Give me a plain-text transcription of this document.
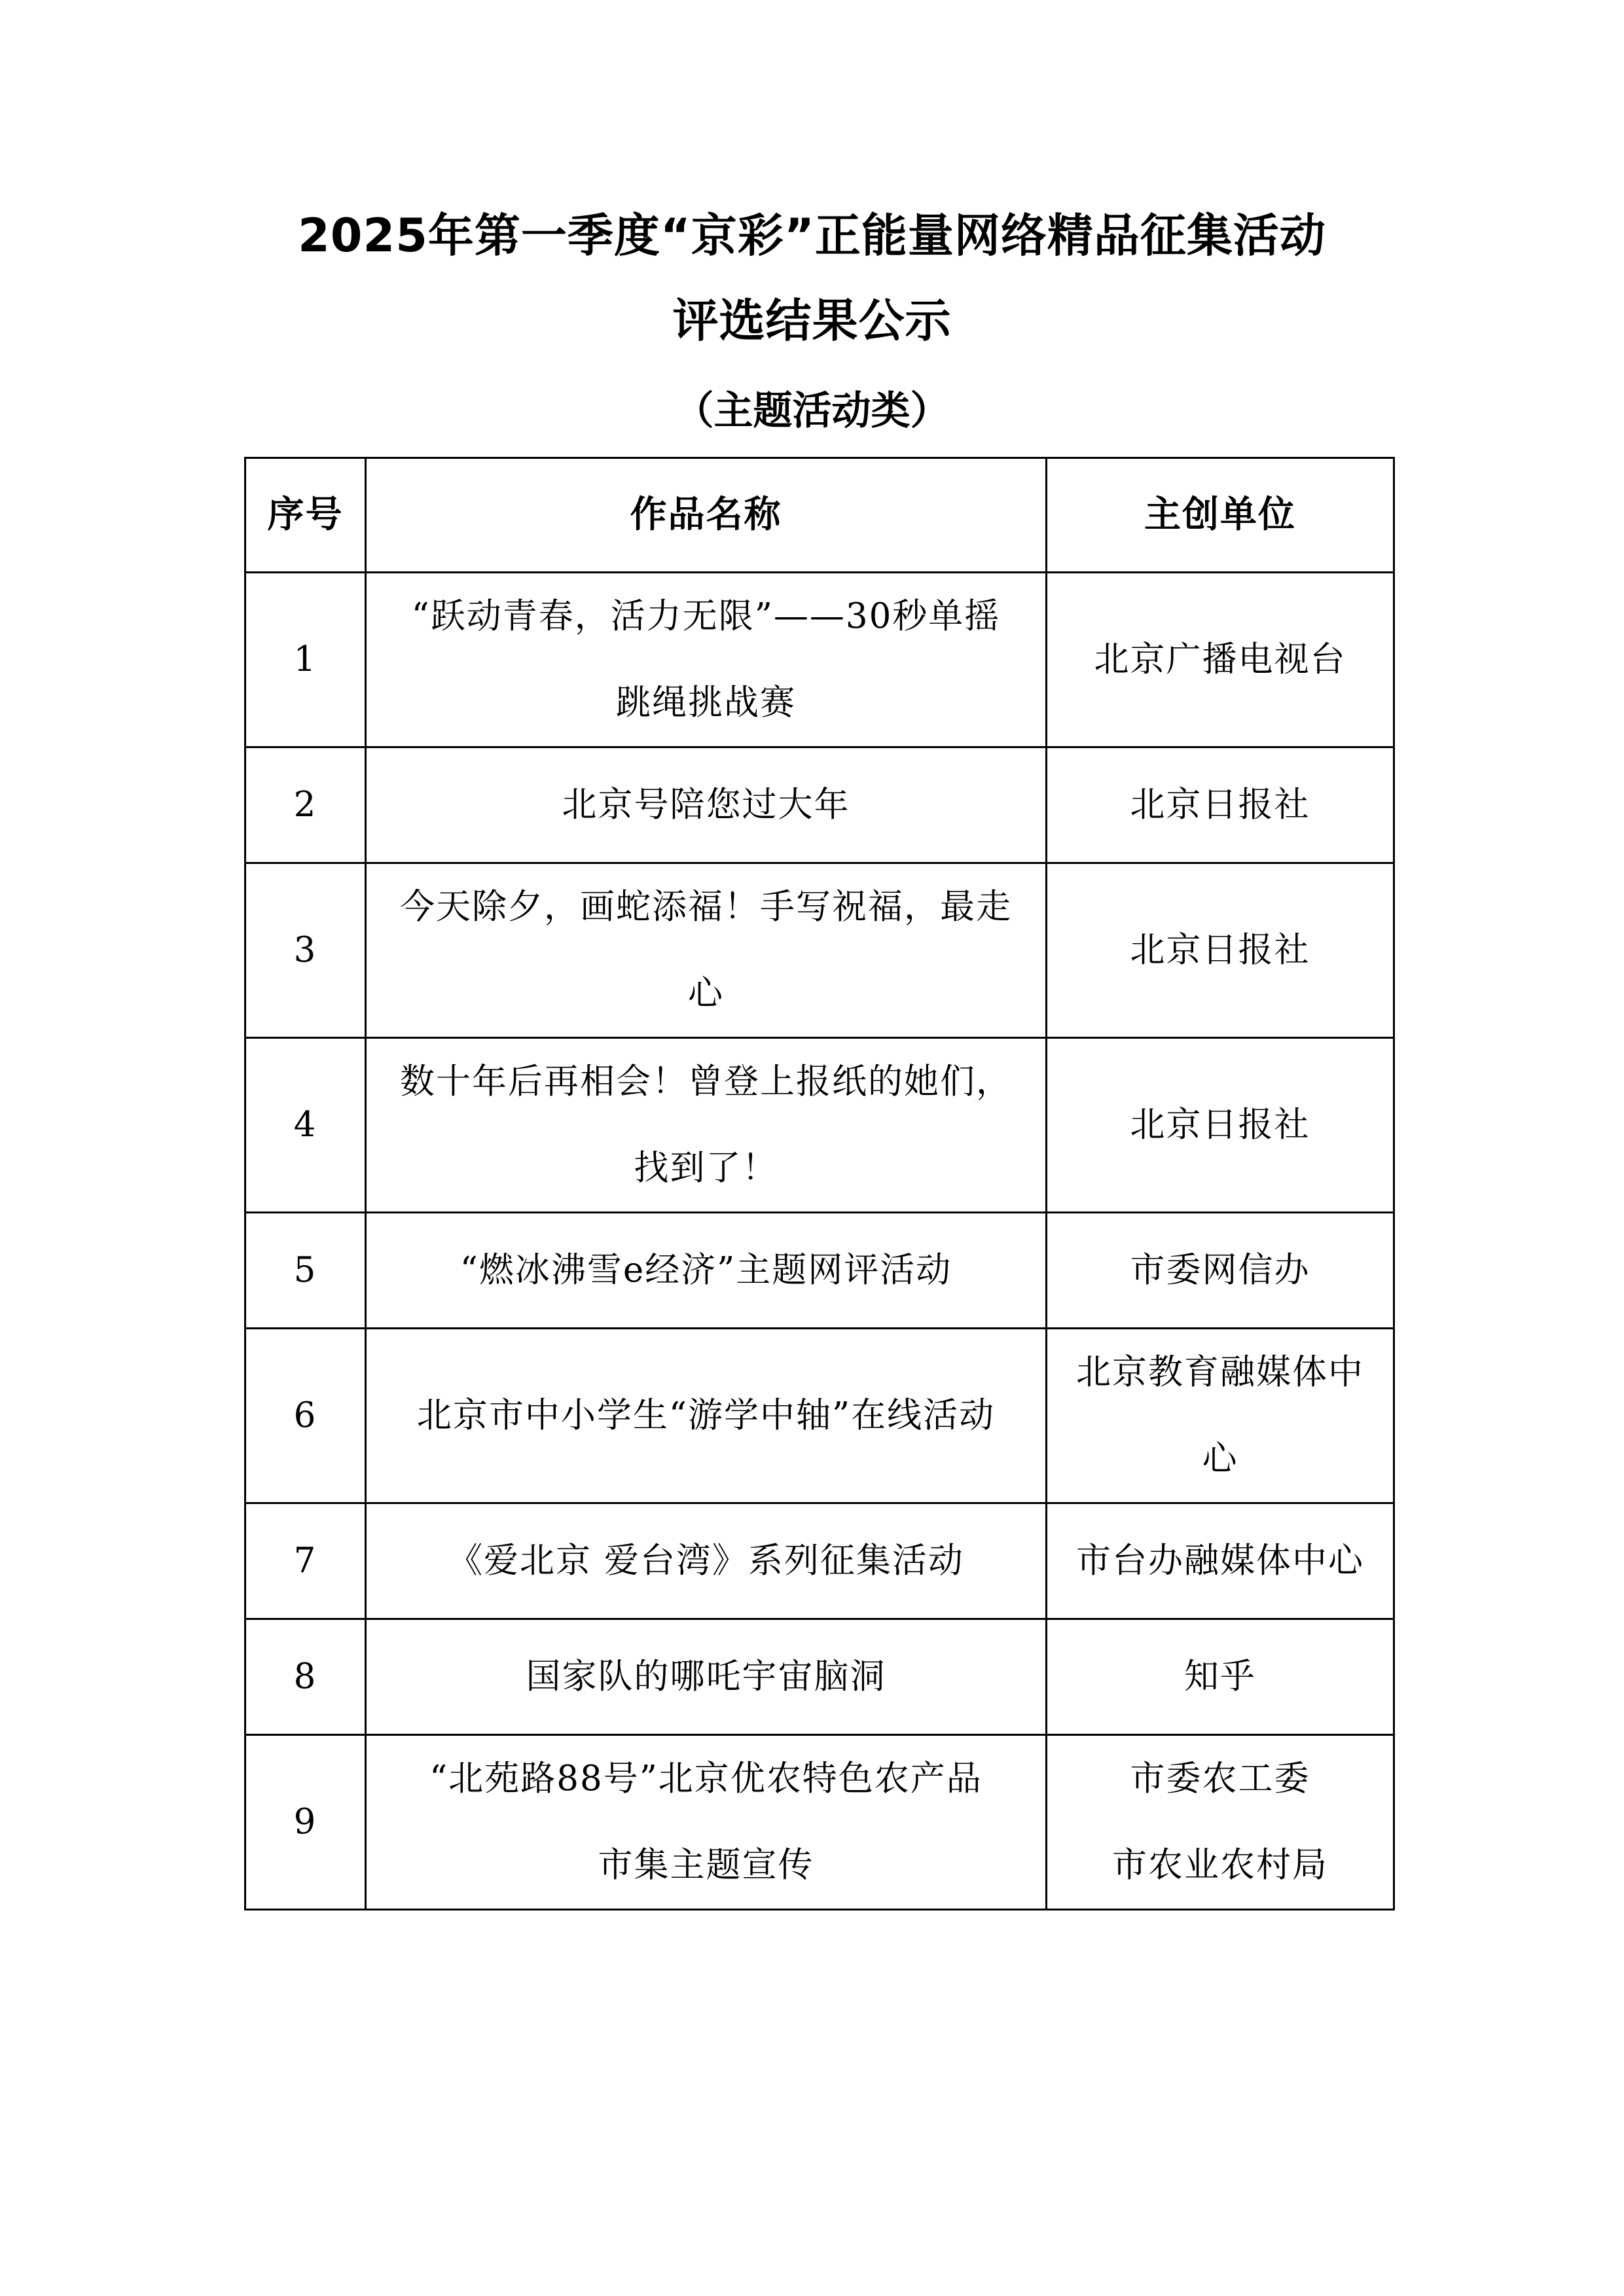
2025年第一季度“京彩”正能量网络精品征集活动
评选结果公示
（主题活动类）
序号	作品名称	主创单位
1	“跃动青春，活力无限”——30秒单摇
跳绳挑战赛	北京广播电视台

2	北京号陪您过大年	北京日报社

3	今天除夕，画蛇添福！手写祝福，最走
心	北京日报社

4	数十年后再相会！曾登上报纸的她们，
找到了！	北京日报社

5	“燃冰沸雪e经济”主题网评活动	市委网信办

6	北京市中小学生“游学中轴”在线活动	北京教育融媒体中
心

7	《爱北京 爱台湾》系列征集活动	市台办融媒体中心

8	国家队的哪吒宇宙脑洞	知乎

9	“北苑路88号”北京优农特色农产品
市集主题宣传	市委农工委
市农业农村局
